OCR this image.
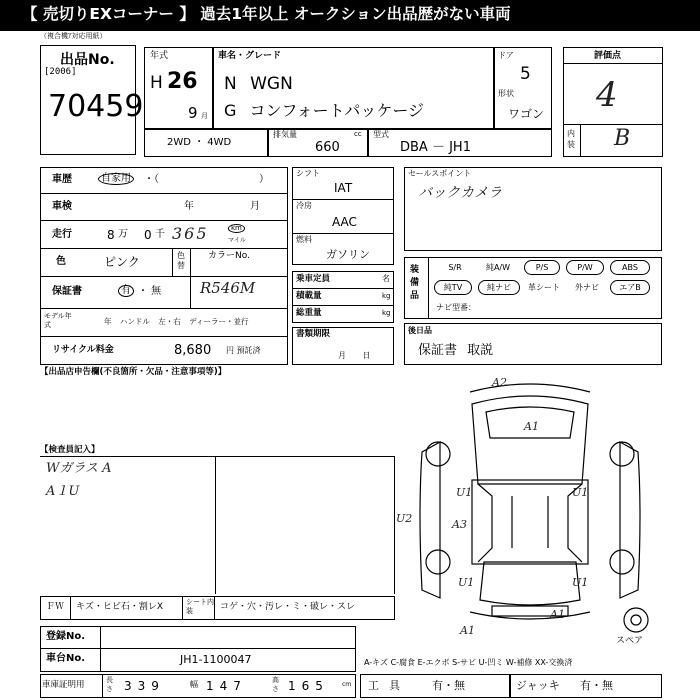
【 売切りEXコーナー 】 過去1年以上 オークション出品歴がない車両
（複合機ｱ対応用紙）
出品No.
[2006]
70459
年式
H 26
9 月
車名・グレード
N WGN
G コンフォートパッケージ
ドア
5
形状
ワゴン
評価点
4
内装 B
2WD ・ 4WD
排気量	cc
660
型式
DBA － JH1
車歴	自家用	・（　　　　　　　　　　）
車検	年	月
走行	8 万 0 千 365	km
マイル
色	ピンク	色替
カラーNo.
R546M
保証書	有 ・ 無
モデル年式	年 ハンドル 左・右 ディーラー・並行
リサイクル料金	8,680 円 預託済
シフト
IAT
冷房
AAC
燃料
ガソリン
乗車定員	名
積載量	kg
総重量	kg
書類期限
月 日
セールスポイント
バックカメラ
装備品
S/R	純A/W	P/S	P/W	ABS
純TV	純ナビ	革シート	外ナビ	エアB
ナビ型番：
後日品
保証書 取説
【出品店申告欄(不良箇所・欠品・注意事項等)】
【検査員記入】
Wガラス A
A１U
A2
A1
U2	A3
U1	U1
U1	U1
A1
A1
スペア
ＦＷ キズ・ヒビ石・割レX	シート内装	コゲ・穴・汚レ・ミ・破レ・スレ
登録No.
車台No.	JH1-1100047	A-キズ C-腐食 E-エクボ S-サビ U-凹ミ W-補修 XX-交換済
車庫証明用	長さ 339	幅 147	高さ 165 cm 工具 有・無	ジャッキ 有・無
